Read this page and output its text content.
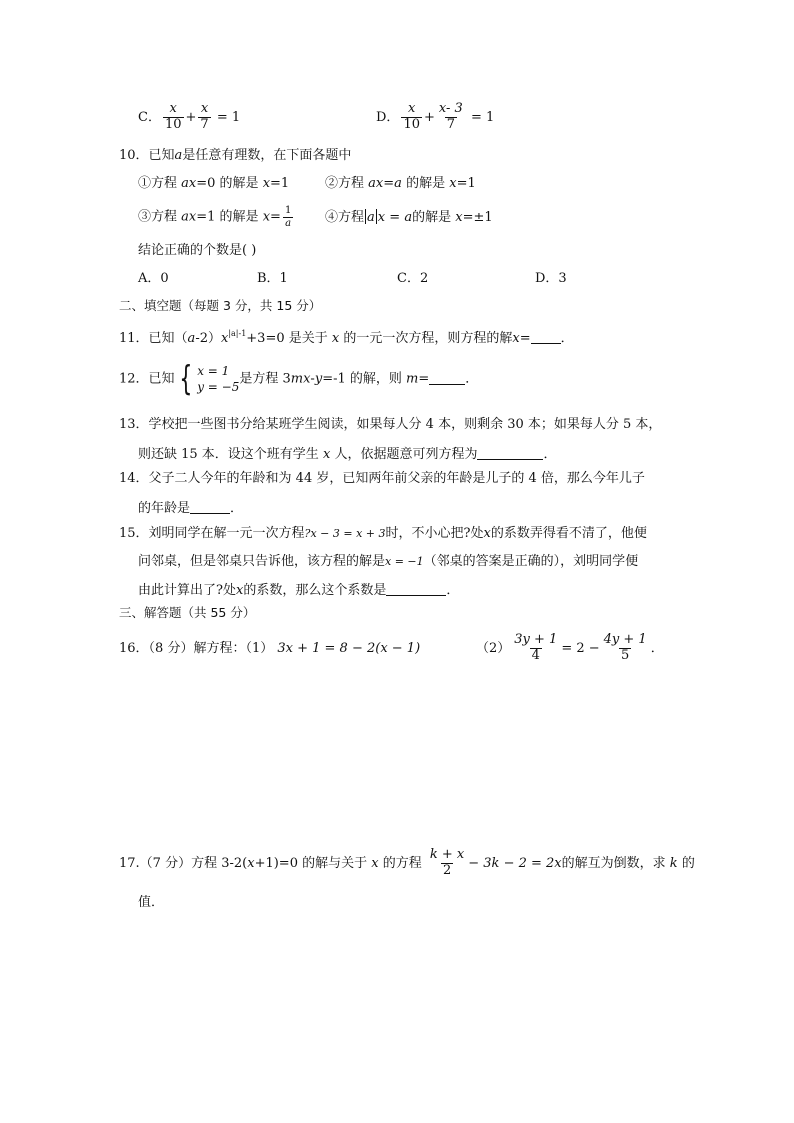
C． $\frac{x}{10} + \frac{x}{7} = 1$	D． $\frac{x}{10} + \frac{x- 3}{7} = 1$
10．已知a是任意有理数，在下面各题中
①方程 ax=0 的解是 x=1	②方程 ax=a 的解是 x=1
③方程 ax=1 的解是 $x= \frac{1}{a}$ ④方程 a x = a的解是 x=±1
结论正确的个数是( )
A．0	B．1	C．2	D．3
二、填空题（每题 3 分，共 15 分）
11．已知$(a-2)x^{|a|-1}+3=0$ 是关于 x 的一元一次方程，则方程的解x= ．
12．已知 { x = 1
y = −5
是方程 3mx-y=-1 的解，则 m=	．
13．学校把一些图书分给某班学生阅读，如果每人分 4 本，则剩余 30 本；如果每人分 5 本，
则还缺 15 本．设这个班有学生 x 人，依据题意可列方程为	．
14．父子二人今年的年龄和为 44 岁，已知两年前父亲的年龄是儿子的 4 倍，那么今年儿子
的年龄是	．
15．刘明同学在解一元一次方程?x − 3 = x + 3时，不小心把?处x的系数弄得看不清了，他便
问邻桌，但是邻桌只告诉他，该方程的解是x = −1（邻桌的答案是正确的），刘明同学便
由此计算出了?处x的系数，那么这个系数是	．
三、解答题（共 55 分）
16．（8 分）解方程：（1） 3x + 1 = 8 − 2(x − 1)	$(2) \frac{3y + 1}{4} = 2 - \frac{4y + 1}{5}$ ．
17.（7 分）方程 3-2(x+1)=0 的解与关于 x 的方程 $\frac{k + x}{2} - 3k - 2 = 2x$的解互为倒数，求 k 的
值．
